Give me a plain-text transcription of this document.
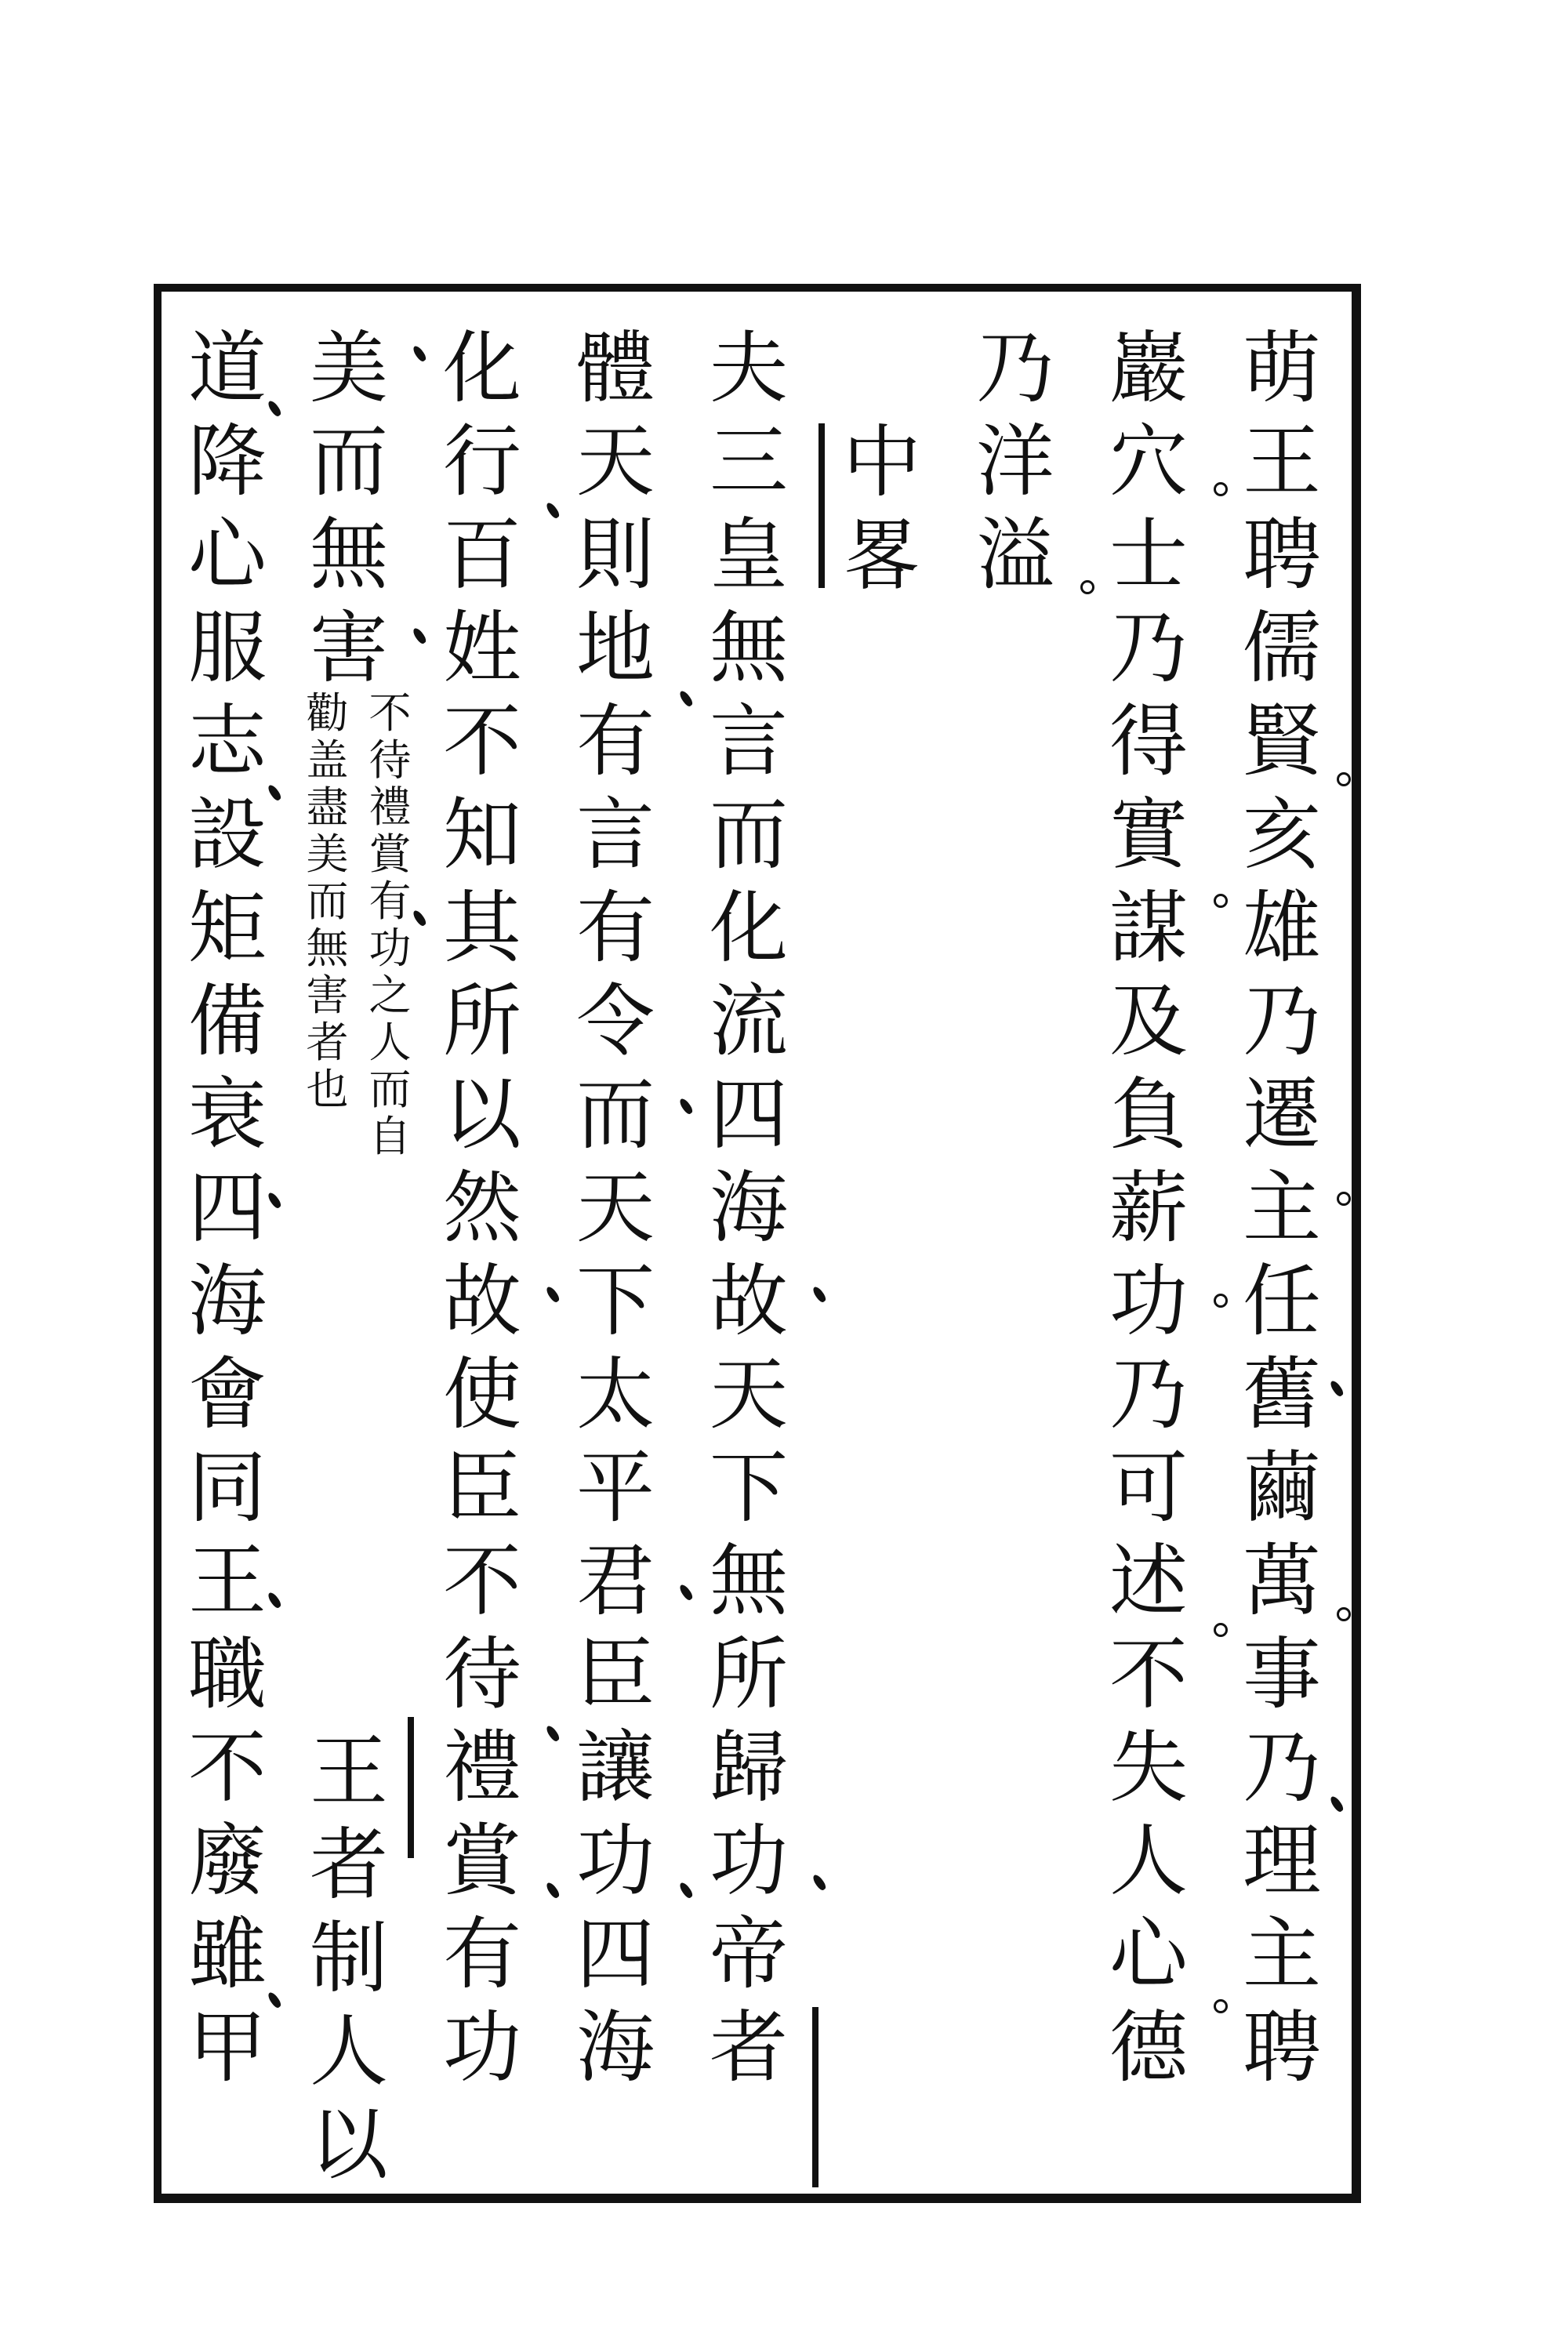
萌王聘儒賢亥雄乃遷主任舊繭萬事乃理主聘
巖穴士乃得實謀及負薪功乃可述不失人心德
乃洋溢
中畧
夫三皇無言而化流四海故天下無所歸功帝者
體天則地有言有令而天下太平君臣讓功四海
化行百姓不知其所以然故使臣不待禮賞有功
美而無害
道降心服志設矩備衰四海會同王職不廢雖甲
勸盖盡美而無害者也
不待禮賞有功之人而自
王者制人以
